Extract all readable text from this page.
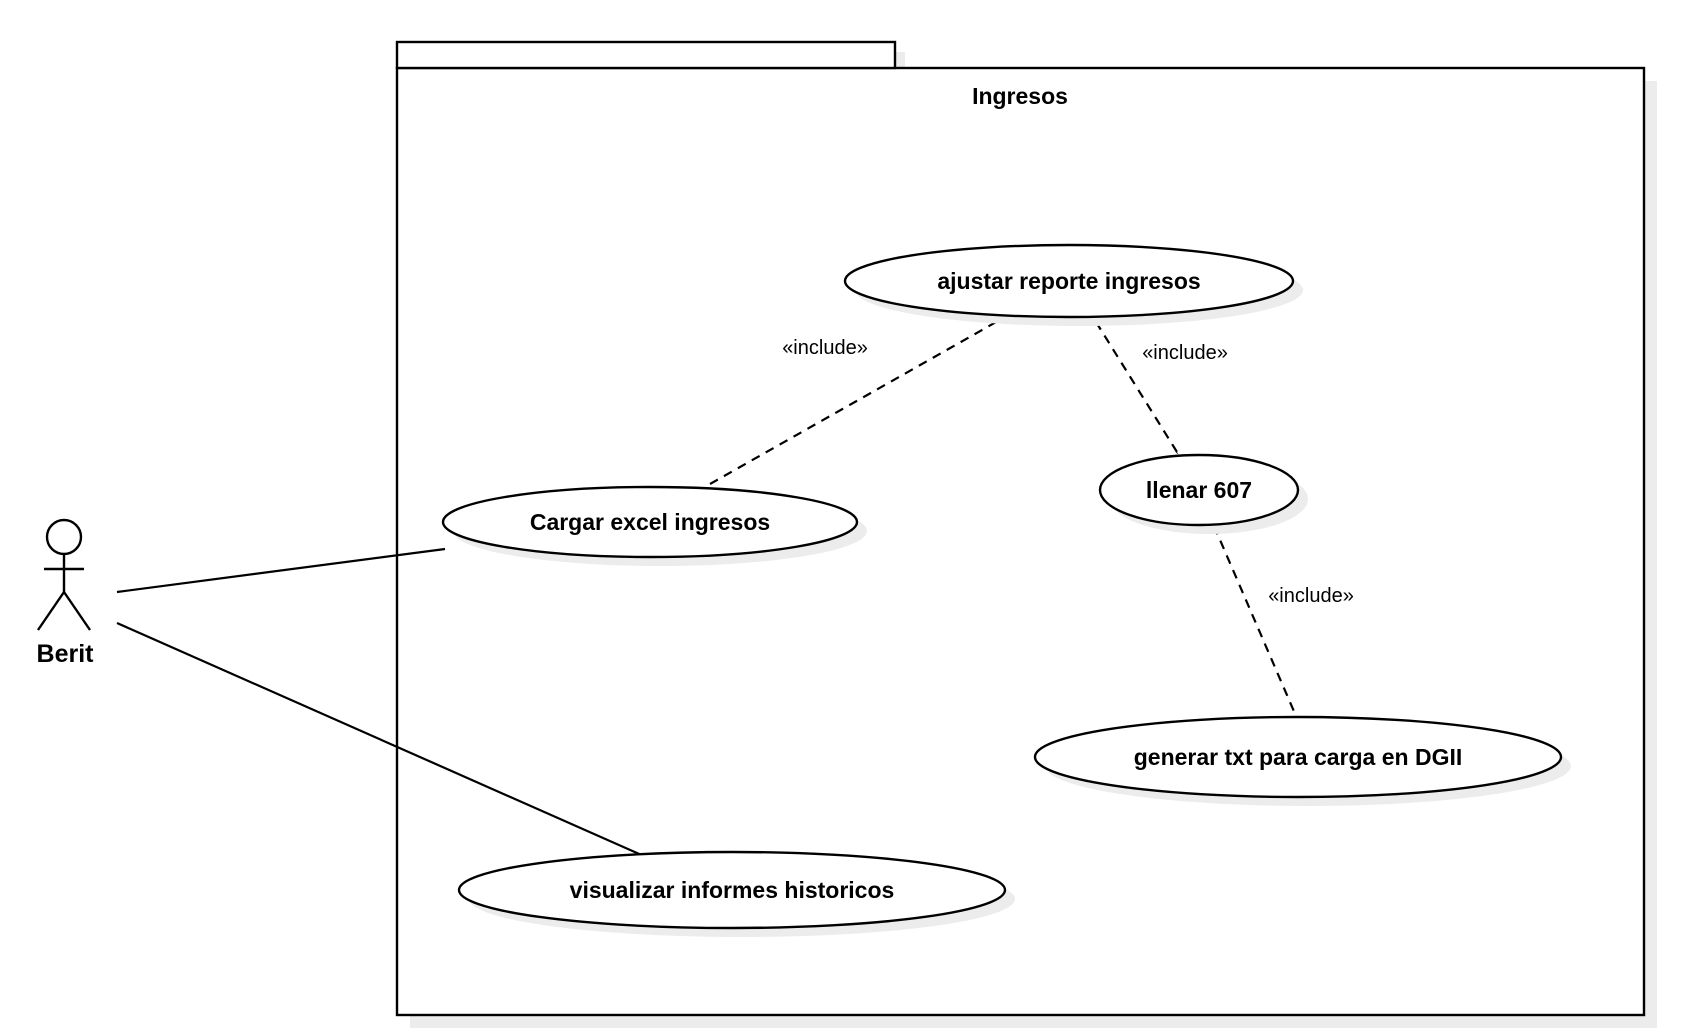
Ingresos
«include»	«include»
«include»
ajustar reporte ingresos
Cargar excel ingresos
llenar 607
generar txt para carga en DGII
visualizar informes historicos
Berit
